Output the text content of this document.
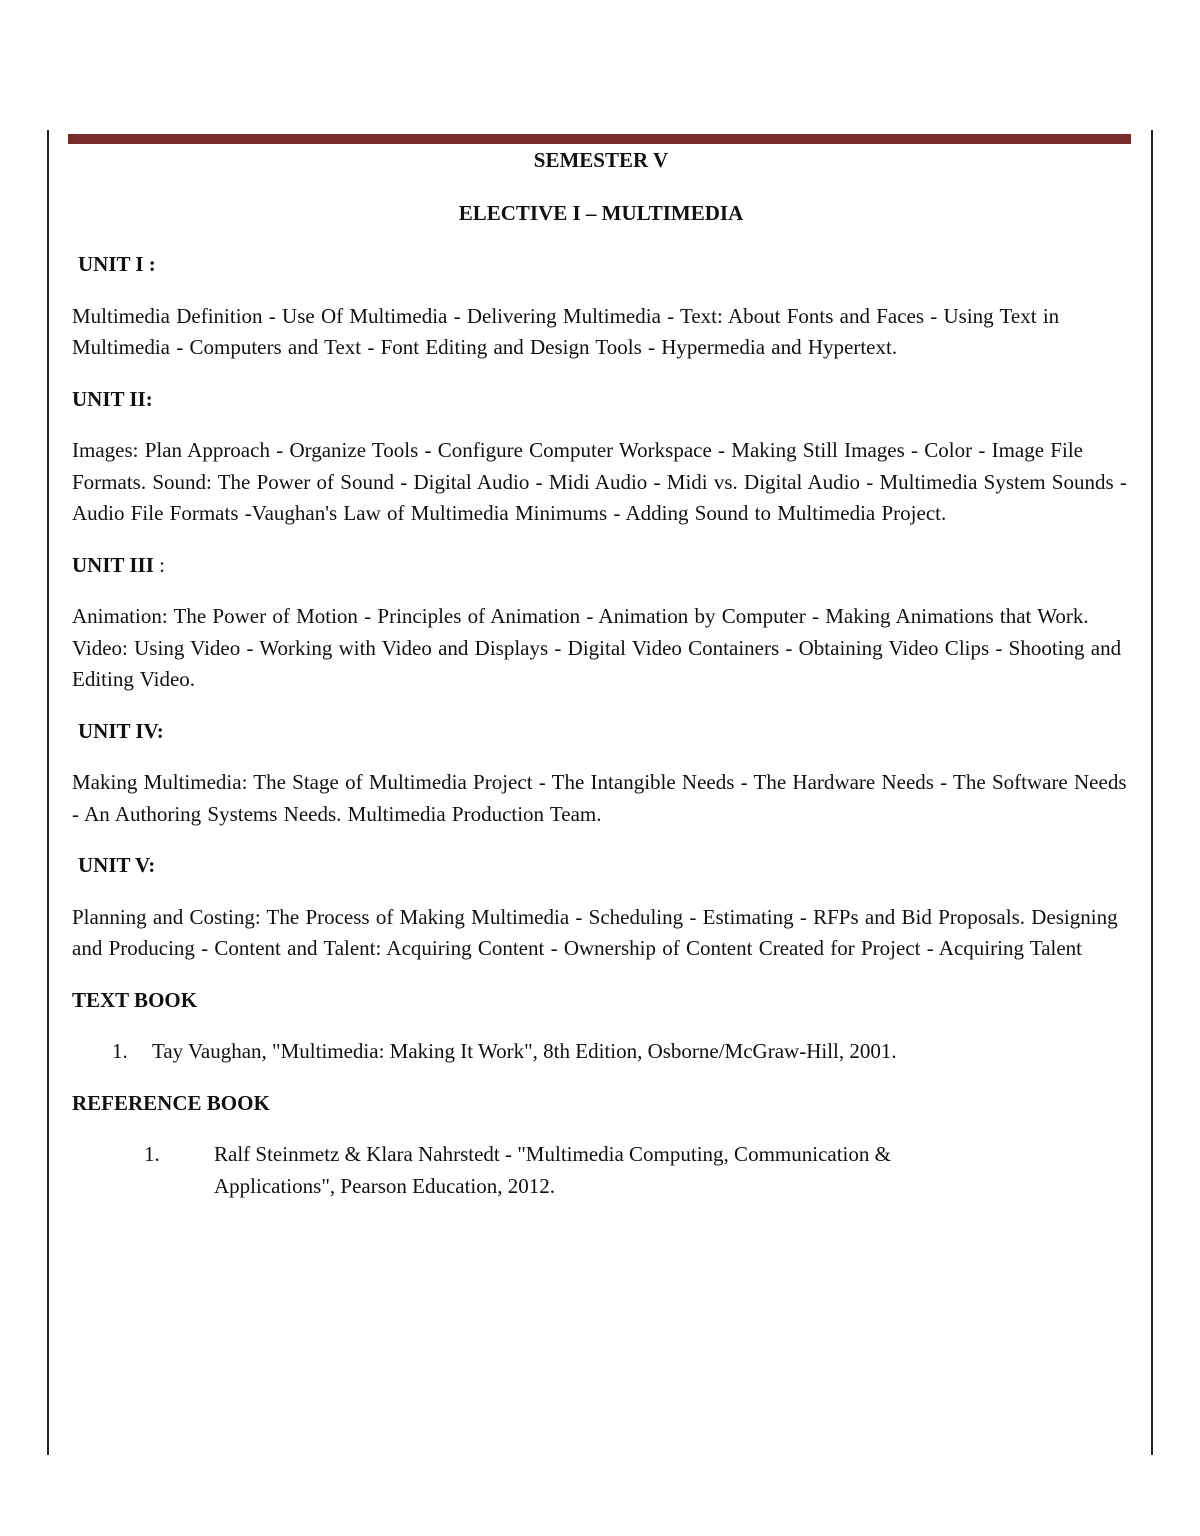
SEMESTER V

ELECTIVE I – MULTIMEDIA

UNIT I :

Multimedia Definition - Use Of Multimedia - Delivering Multimedia - Text: About Fonts and Faces - Using Text in Multimedia - Computers and Text - Font Editing and Design Tools - Hypermedia and Hypertext.

UNIT II:

Images: Plan Approach - Organize Tools - Configure Computer Workspace - Making Still Images - Color - Image File Formats. Sound: The Power of Sound - Digital Audio - Midi Audio - Midi vs. Digital Audio - Multimedia System Sounds - Audio File Formats -Vaughan's Law of Multimedia Minimums - Adding Sound to Multimedia Project.

UNIT III :

Animation: The Power of Motion - Principles of Animation - Animation by Computer - Making Animations that Work. Video: Using Video - Working with Video and Displays - Digital Video Containers - Obtaining Video Clips - Shooting and Editing Video.

UNIT IV:

Making Multimedia: The Stage of Multimedia Project - The Intangible Needs - The Hardware Needs - The Software Needs - An Authoring Systems Needs. Multimedia Production Team.

UNIT V:

Planning and Costing: The Process of Making Multimedia - Scheduling - Estimating - RFPs and Bid Proposals. Designing and Producing - Content and Talent: Acquiring Content - Ownership of Content Created for Project - Acquiring Talent

TEXT BOOK

1.	Tay Vaughan, "Multimedia: Making It Work", 8th Edition, Osborne/McGraw-Hill, 2001.

REFERENCE BOOK

1.	Ralf Steinmetz & Klara Nahrstedt - "Multimedia Computing, Communication & Applications", Pearson Education, 2012.
